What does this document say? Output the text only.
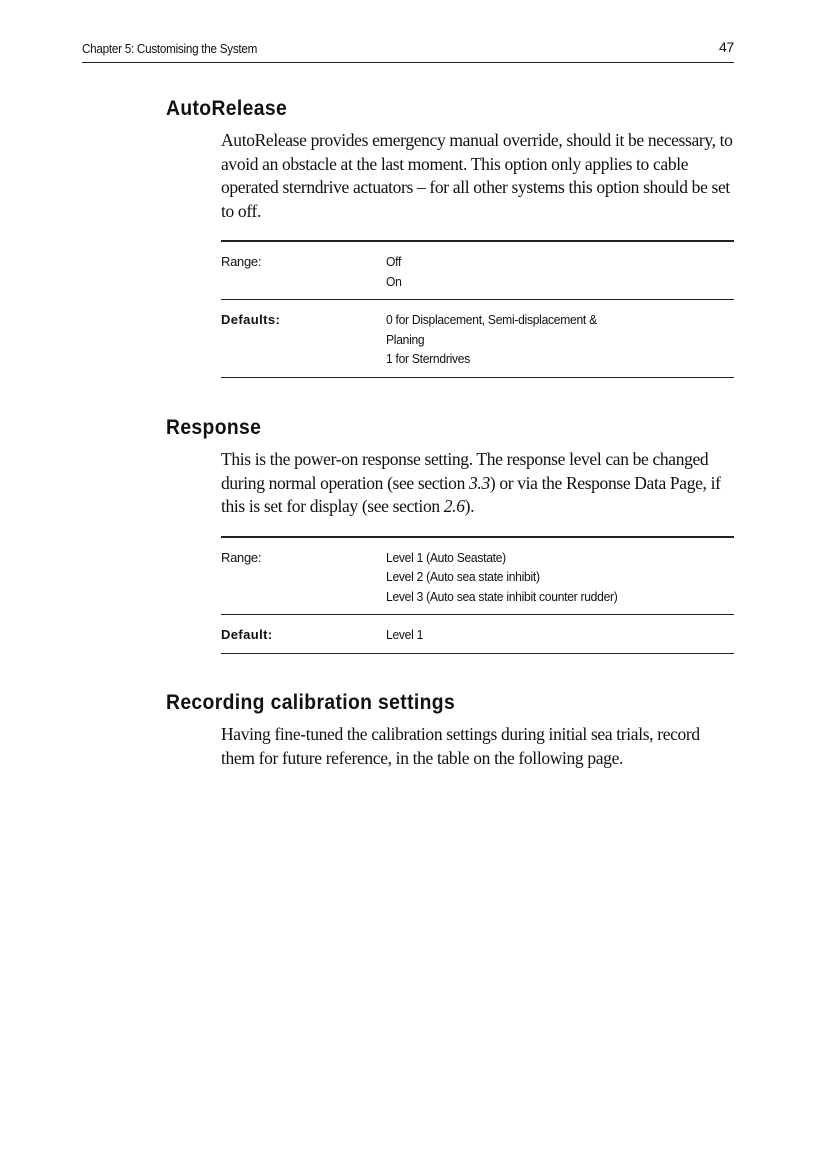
Chapter 5: Customising the System	47
AutoRelease

AutoRelease provides emergency manual override, should it be necessary, to avoid an obstacle at the last moment. This option only applies to cable operated sterndrive actuators – for all other systems this option should be set to off.

Range:	Off
On
Defaults:	0 for Displacement, Semi-displacement &
Planing
1 for Sterndrives
Response

This is the power-on response setting. The response level can be changed during normal operation (see section 3.3) or via the Response Data Page, if this is set for display (see section 2.6).

Range:	Level 1 (Auto Seastate)
Level 2 (Auto sea state inhibit)
Level 3 (Auto sea state inhibit counter rudder)
Default:	Level 1
Recording calibration settings

Having fine-tuned the calibration settings during initial sea trials, record them for future reference, in the table on the following page.
